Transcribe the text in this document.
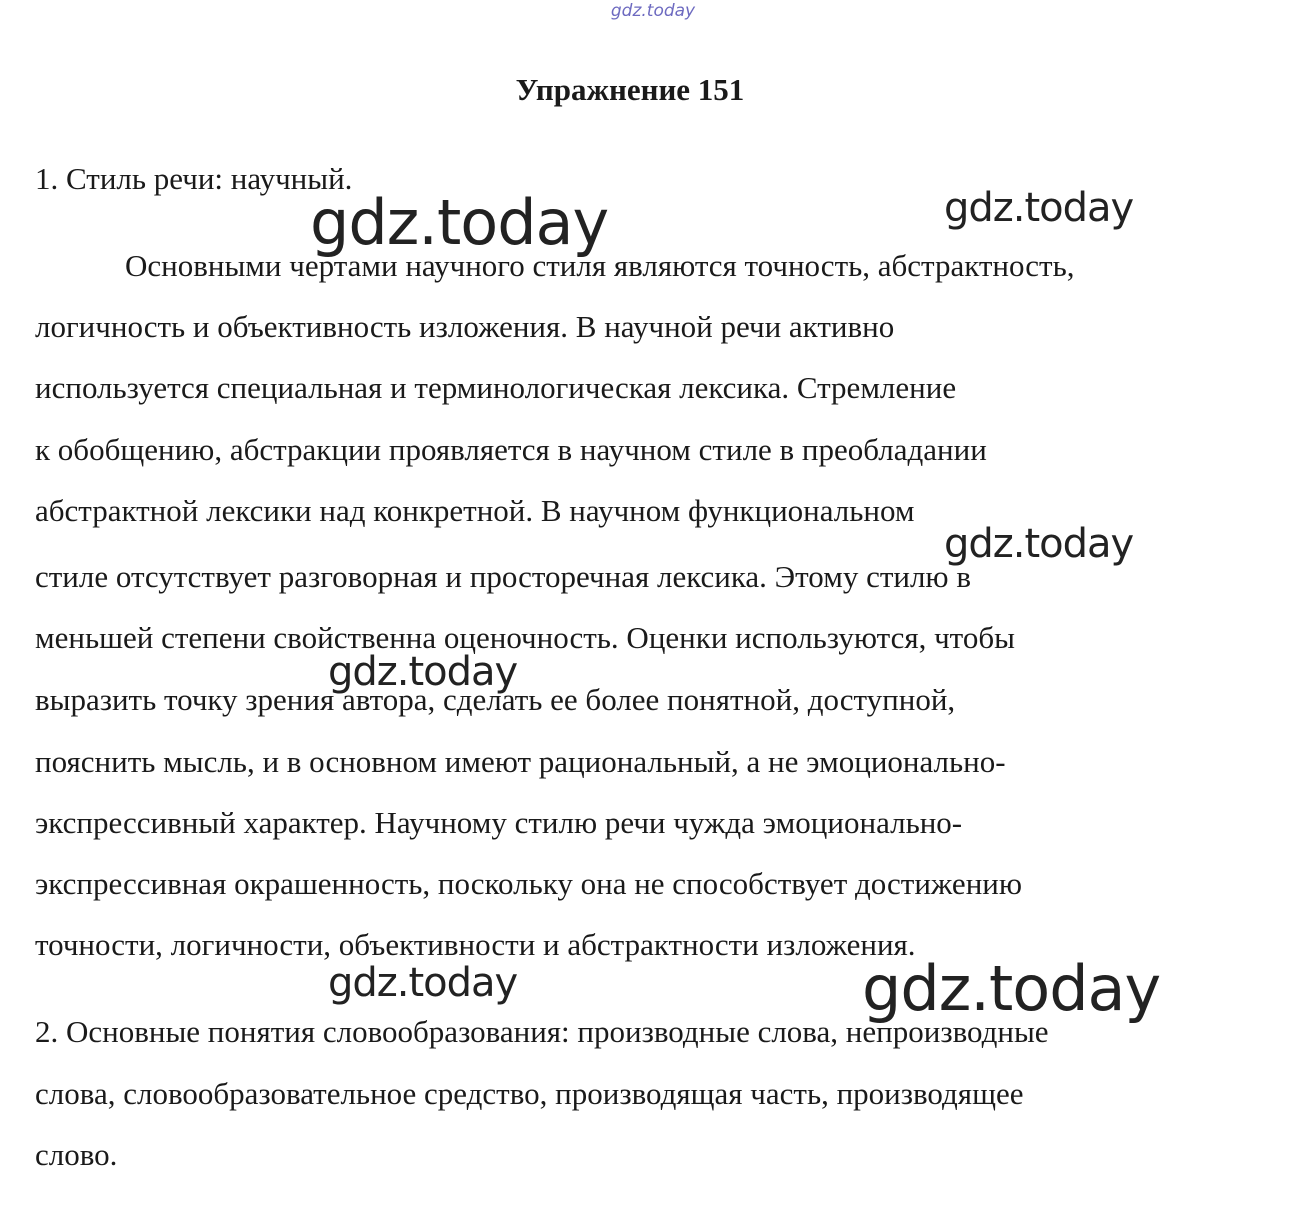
gdz.today
Упражнение 151
1. Стиль речи: научный.
Основными чертами научного стиля являются точность, абстрактность,
логичность и объективность изложения. В научной речи активно
используется специальная и терминологическая лексика. Стремление
к обобщению, абстракции проявляется в научном стиле в преобладании
абстрактной лексики над конкретной. В научном функциональном
стиле отсутствует разговорная и просторечная лексика. Этому стилю в
меньшей степени свойственна оценочность. Оценки используются, чтобы
выразить точку зрения автора, сделать ее более понятной, доступной,
пояснить мысль, и в основном имеют рациональный, а не эмоционально-
экспрессивный характер. Научному стилю речи чужда эмоционально-
экспрессивная окрашенность, поскольку она не способствует достижению
точности, логичности, объективности и абстрактности изложения.
2. Основные понятия словообразования: производные слова, непроизводные
слова, словообразовательное средство, производящая часть, производящее
слово.
gdz.today	gdz.today
gdz.today
gdz.today
gdz.today	gdz.today
